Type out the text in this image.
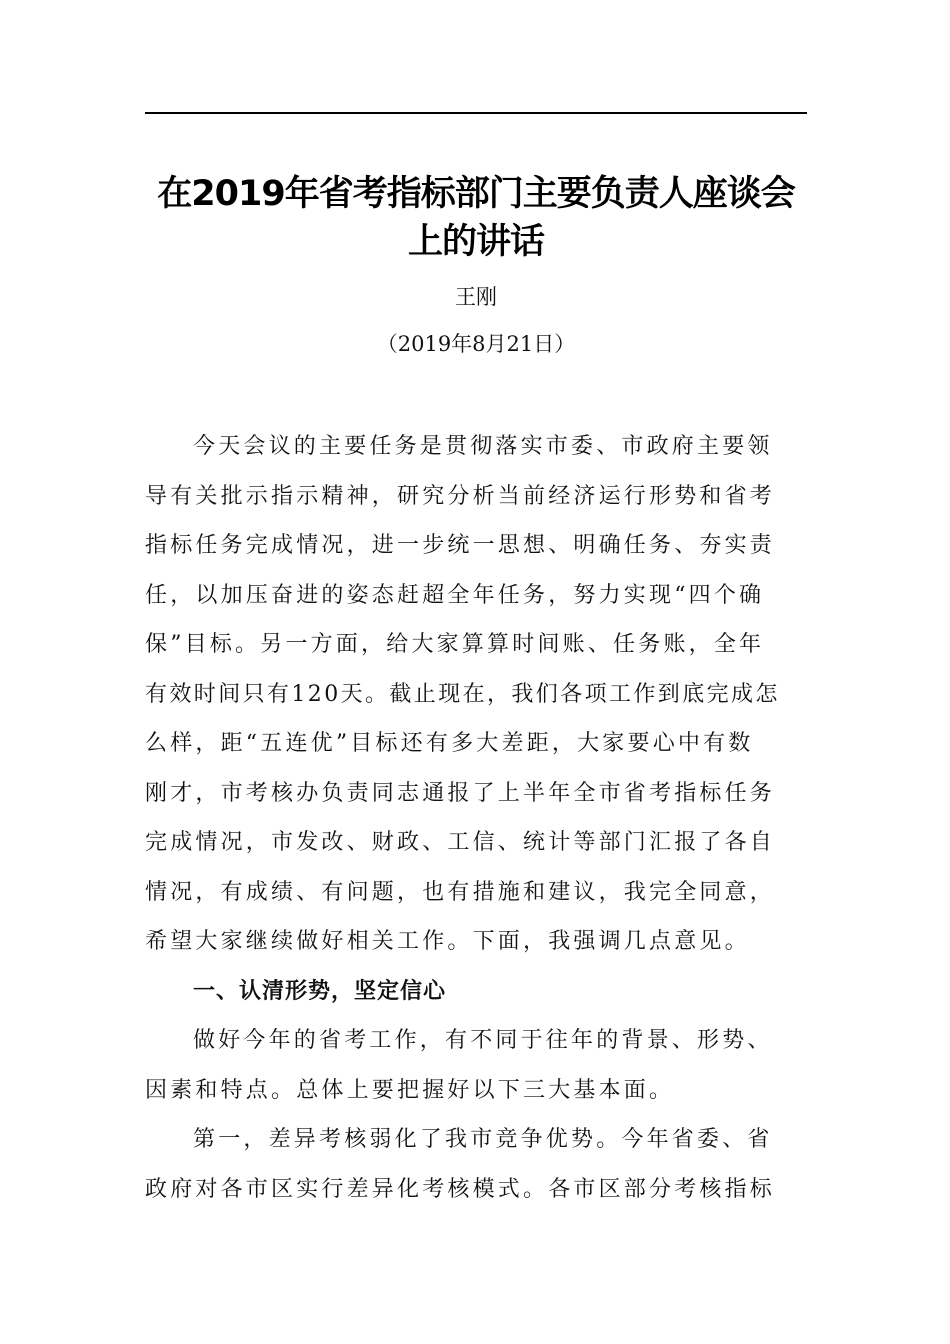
在2019年省考指标部门主要负责人座谈会
上的讲话
王刚
（2019年8月21日）
今天会议的主要任务是贯彻落实市委、市政府主要领
导有关批示指示精神，研究分析当前经济运行形势和省考
指标任务完成情况，进一步统一思想、明确任务、夯实责
任，以加压奋进的姿态赶超全年任务，努力实现“四个确
保”目标。另一方面，给大家算算时间账、任务账，全年
有效时间只有120天。截止现在，我们各项工作到底完成怎
么样，距“五连优”目标还有多大差距，大家要心中有数
刚才，市考核办负责同志通报了上半年全市省考指标任务
完成情况，市发改、财政、工信、统计等部门汇报了各自
情况，有成绩、有问题，也有措施和建议，我完全同意，
希望大家继续做好相关工作。下面，我强调几点意见。
一、认清形势，坚定信心
做好今年的省考工作，有不同于往年的背景、形势、
因素和特点。总体上要把握好以下三大基本面。
第一，差异考核弱化了我市竞争优势。今年省委、省
政府对各市区实行差异化考核模式。各市区部分考核指标
